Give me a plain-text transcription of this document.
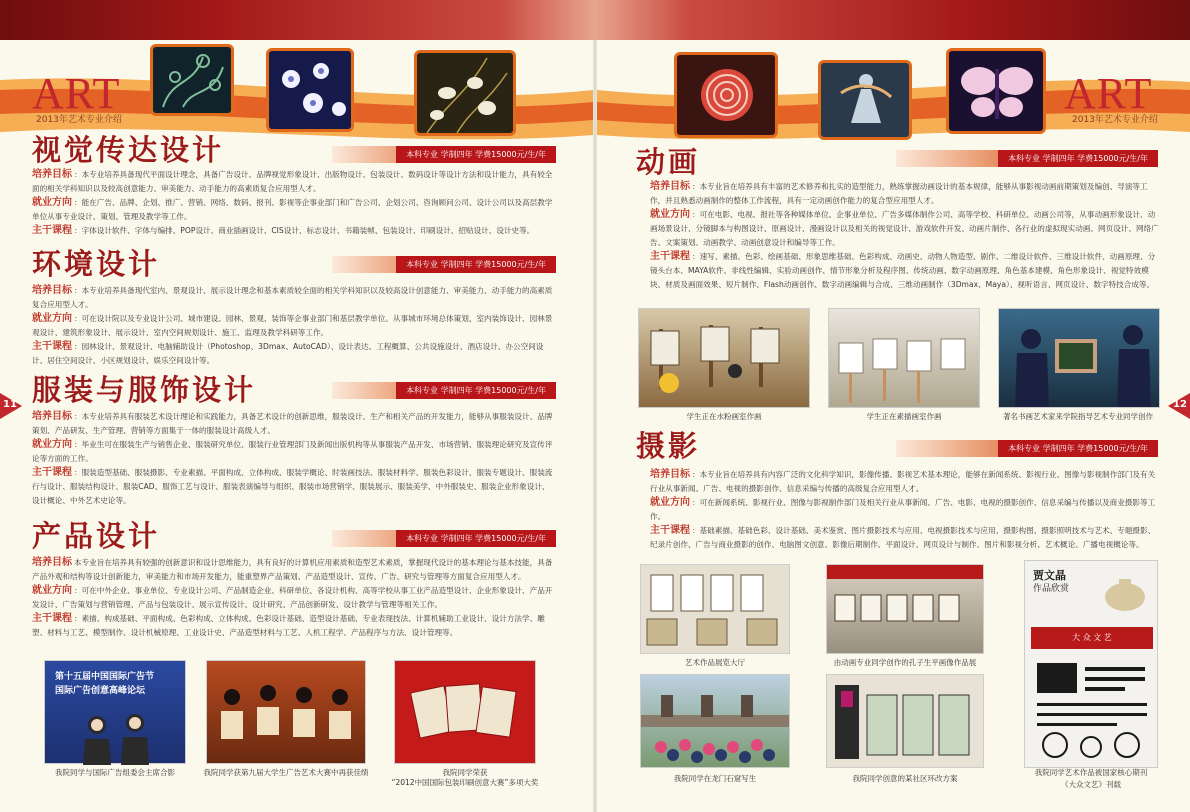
ART
2013年艺术专业介绍
ART
2013年艺术专业介绍
11	12
视觉传达设计	本科专业 学制四年 学费15000元/生/年
培养目标 ：本专业培养具备现代平面设计理念，具备广告设计、品牌视觉形象设计、出版物设计、包装设计、数码设计等设计方法和设计能力，具有较全面的相关学科知识以及较高创意能力、审美能力、动手能力的高素质复合应用型人才。
就业方向 ：能在广告、品牌、企划、推广、营销、网络、数码、报刊、影视等企事业部门和广告公司、企划公司、咨询顾问公司、设计公司以及高层教学单位从事专业设计、策划、管理及教学等工作。
主干课程 ：字体设计软件、字体与编排、POP设计、商业插画设计、CIS设计、标志设计、书籍装帧、包装设计、印刷设计、招贴设计、设计史等。
环境设计	本科专业 学制四年 学费15000元/生/年
培养目标 ：本专业培养具备现代室内、景观设计、展示设计理念和基本素质较全面的相关学科知识以及较高设计创意能力、审美能力、动手能力的高素质复合应用型人才。
就业方向 ：可在设计院以及专业设计公司、城市建设、园林、景观、装饰等企事业部门和基层教学单位。从事城市环境总体策划，室内装饰设计、园林景观设计、建筑形象设计、展示设计、室内空间规划设计、施工、监理及教学科研等工作。
主干课程 ：园林设计、景观设计、电脑辅助设计（Photoshop、3Dmax、AutoCAD）、设计表达、工程概算、公共设施设计、酒店设计、办公空间设计、居住空间设计、小区规划设计、娱乐空间设计等。
服装与服饰设计	本科专业 学制四年 学费15000元/生/年
培养目标 ：本专业培养具有服装艺术设计理论和实践能力，具备艺术设计的创新思维，服装设计、生产和相关产品的开发能力，能够从事服装设计、品牌策划、产品研发、生产管理、营销等方面集于一体的服装设计高级人才。
就业方向 ：毕业生可在服装生产与销售企业、服装研究单位、服装行业管理部门及新闻出版机构等从事服装产品开发、市场营销、服装理论研究及宣传评论等方面的工作。
主干课程 ：服装造型基础、服装摄影、专业素描、平面构成、立体构成、服装学概论、时装画技法、服装材料学、服装色彩设计、服装专题设计、服装流行与设计、服装结构设计、服装CAD、服饰工艺与设计、服装表演编导与组织、服装市场营销学、服装展示、服装美学、中外服装史、服装企业形象设计、设计概论、中外艺术史论等。
产品设计	本科专业 学制四年 学费15000元/生/年
培养目标 本专业旨在培养具有较强的创新意识和设计思维能力，具有良好的计算机应用素质和造型艺术素质，掌握现代设计的基本理论与基本技能，具备产品外观和结构等设计创新能力，审美能力和市场开发能力，能重塑界产品策划、产品造型设计、宣传、广告、研究与管理等方面复合应用型人才。
就业方向 ：可在中外企业、事业单位、专业设计公司、产品制造企业、科研单位、各设计机构、高等学校从事工业产品造型设计、企业形象设计、产品开发设计、广告策划与营销管理、产品与包装设计、展示宣传设计、设计研究、产品创新研发、设计教学与管理等相关工作。
主干课程 ：素描、构成基础、平面构成、色彩构成、立体构成、色彩设计基础、造型设计基础、专业表现技法、计算机辅助工业设计、设计方法学、雕塑、材料与工艺、模型制作、设计机械原理、工业设计史、产品造型材料与工艺、人机工程学、产品程序与方法、设计管理等。
第十五届中国国际广告节
国际广告创意高峰论坛
我院同学与国际广告组委会主席合影	我院同学获第九届大学生广告艺术大赛中再获佳绩	我院同学荣获
“2012中国国际包装印刷创意大赛”多项大奖
动画	本科专业 学制四年 学费15000元/生/年
培养目标 ：本专业旨在培养具有丰富的艺术修养和扎实的造型能力，熟练掌握动画设计的基本规律，能够从事影视动画前期策划及编创、导演等工作，并且熟悉动画制作的整体工作流程，具有一定动画创作能力的复合型应用型人才。
就业方向 ：可在电影、电视、报社等各种媒体单位、企事业单位、广告多媒体制作公司、高等学校、科研单位、动画公司等，从事动画形象设计、动画场景设计、分镜脚本与构图设计、原画设计、漫画设计以及相关的视觉设计、游戏软件开发、动画片制作、各行业的虚拟现实动画、网页设计、网络广告、文案策划、动画教学、动画创意设计和编导等工作。
主干课程 ：速写、素描、色彩、绘画基础、形象思维基础、色彩构成、动画史、动物人物造型、剧作、二维设计软件、三维设计软件、动画原理、分镜头台本、MAYA软件、非线性编辑、实验动画创作、情节形象分析及程序图、传统动画、数字动画原理、角色基本建模、角色形象设计、视觉特效模块、材质及画面效果、短片制作、Flash动画创作、数字动画编辑与合成、三维动画制作（3Dmax、Maya）、视听语言、网页设计、数字特技合成等。
学生正在水粉画室作画	学生正在素描画室作画	著名书画艺术家来学院指导艺术专业同学创作
摄影	本科专业 学制四年 学费15000元/生/年
培养目标 ：本专业旨在培养具有内容广泛的文化科学知识，影像传播、影视艺术基本理论，能够在新闻系统、影视行业、图像与影视制作部门及有关行业从事新闻、广告、电视的摄影创作、信息采编与传播的高级复合应用型人才。
就业方向 ：可在新闻系统、影视行业、图像与影视制作部门及相关行业从事新闻、广告、电影、电视的摄影创作、信息采编与传播以及商业摄影等工作。
主干课程 ：基础素描、基础色彩、设计基础、美术鉴赏、图片摄影技术与应用、电视摄影技术与应用、摄影构图、摄影照明技术与艺术、专题摄影、纪录片创作、广告与商业摄影的创作、电脑图文创意、影像后期制作、平面设计、网页设计与制作、图片和影视分析、艺术概论、广播电视概论等。
贾文晶
作品欣赏
大 众 文 艺
艺术作品展览大厅	由动画专业同学创作的孔子生平画像作品展
我院同学在龙门石窟写生	我院同学创意的某社区环改方案
我院同学艺术作品被国家核心期刊
《大众文艺》刊载
